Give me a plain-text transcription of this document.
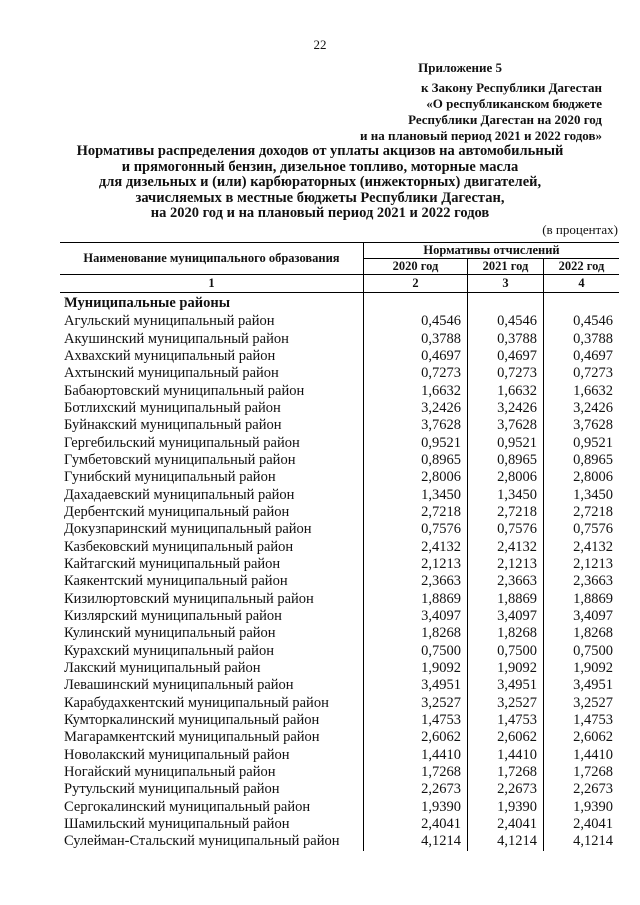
22
Приложение 5
к Закону Республики Дагестан
«О республиканском бюджете
Республики Дагестан на 2020 год
и на плановый период 2021 и 2022 годов»
Нормативы распределения доходов от уплаты акцизов на автомобильный
и прямогонный бензин, дизельное топливо, моторные масла
для дизельных и (или) карбюраторных (инжекторных) двигателей,
зачисляемых в местные бюджеты Республики Дагестан,
на 2020 год и на плановый период 2021 и 2022 годов
(в процентах)
Наименование муниципального образования	Нормативы отчислений		
	2020 год	2021 год	2022 год
1	2	3	4
Муниципальные районы			
Агульский муниципальный район	0,4546	0,4546	0,4546
Акушинский муниципальный район	0,3788	0,3788	0,3788
Ахвахский муниципальный район	0,4697	0,4697	0,4697
Ахтынский муниципальный район	0,7273	0,7273	0,7273
Бабаюртовский муниципальный район	1,6632	1,6632	1,6632
Ботлихский муниципальный район	3,2426	3,2426	3,2426
Буйнакский муниципальный район	3,7628	3,7628	3,7628
Гергебильский муниципальный район	0,9521	0,9521	0,9521
Гумбетовский муниципальный район	0,8965	0,8965	0,8965
Гунибский муниципальный район	2,8006	2,8006	2,8006
Дахадаевский муниципальный район	1,3450	1,3450	1,3450
Дербентский муниципальный район	2,7218	2,7218	2,7218
Докузпаринский муниципальный район	0,7576	0,7576	0,7576
Казбековский муниципальный район	2,4132	2,4132	2,4132
Кайтагский муниципальный район	2,1213	2,1213	2,1213
Каякентский муниципальный район	2,3663	2,3663	2,3663
Кизилюртовский муниципальный район	1,8869	1,8869	1,8869
Кизлярский муниципальный район	3,4097	3,4097	3,4097
Кулинский муниципальный район	1,8268	1,8268	1,8268
Курахский муниципальный район	0,7500	0,7500	0,7500
Лакский муниципальный район	1,9092	1,9092	1,9092
Левашинский муниципальный район	3,4951	3,4951	3,4951
Карабудахкентский муниципальный район	3,2527	3,2527	3,2527
Кумторкалинский муниципальный район	1,4753	1,4753	1,4753
Магарамкентский муниципальный район	2,6062	2,6062	2,6062
Новолакский муниципальный район	1,4410	1,4410	1,4410
Ногайский муниципальный район	1,7268	1,7268	1,7268
Рутульский муниципальный район	2,2673	2,2673	2,2673
Сергокалинский муниципальный район	1,9390	1,9390	1,9390
Шамильский муниципальный район	2,4041	2,4041	2,4041
Сулейман-Стальский муниципальный район	4,1214	4,1214	4,1214
